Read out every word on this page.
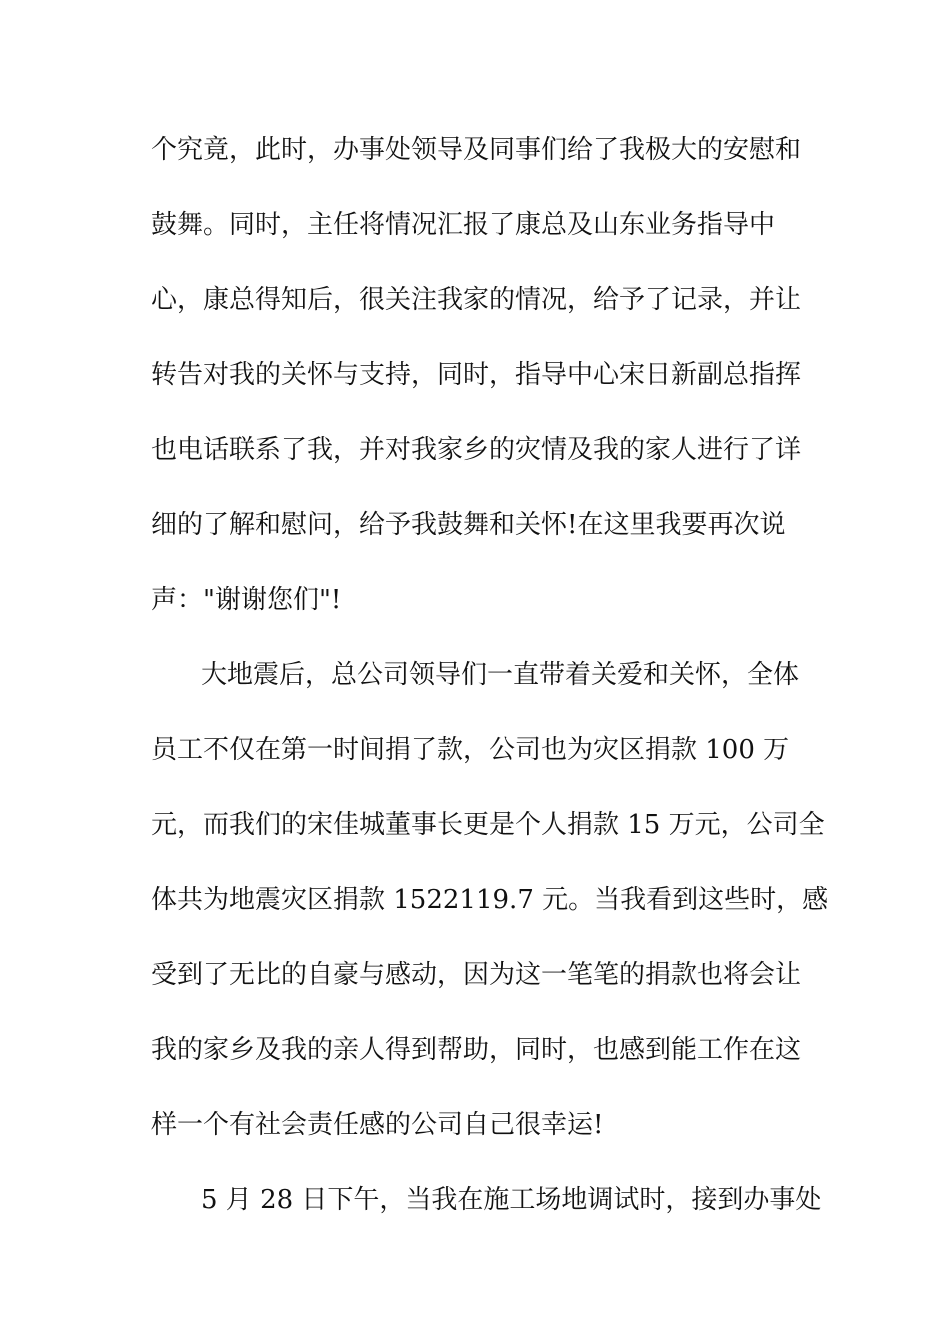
个究竟，此时，办事处领导及同事们给了我极大的安慰和
鼓舞。同时，主任将情况汇报了康总及山东业务指导中
心，康总得知后，很关注我家的情况，给予了记录，并让
转告对我的关怀与支持，同时，指导中心宋日新副总指挥
也电话联系了我，并对我家乡的灾情及我的家人进行了详
细的了解和慰问，给予我鼓舞和关怀!在这里我要再次说
声："谢谢您们"!
大地震后，总公司领导们一直带着关爱和关怀，全体
员工不仅在第一时间捐了款，公司也为灾区捐款 100 万
元，而我们的宋佳城董事长更是个人捐款 15 万元，公司全
体共为地震灾区捐款 1522119.7 元。当我看到这些时，感
受到了无比的自豪与感动，因为这一笔笔的捐款也将会让
我的家乡及我的亲人得到帮助，同时，也感到能工作在这
样一个有社会责任感的公司自己很幸运!
5 月 28 日下午，当我在施工场地调试时，接到办事处
